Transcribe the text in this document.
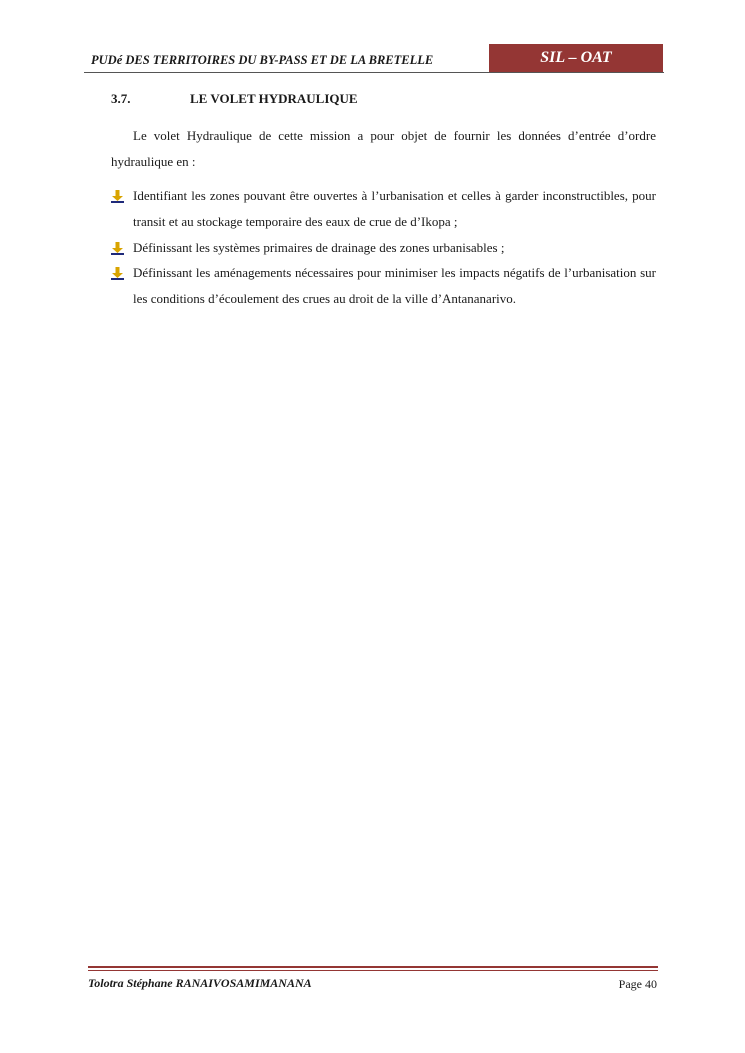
PUDé DES TERRITOIRES DU BY-PASS ET DE LA BRETELLE	SIL – OAT
3.7.	LE VOLET HYDRAULIQUE

Le volet Hydraulique de cette mission a pour objet de fournir les données d’entrée d’ordre hydraulique en :

Identifiant les zones pouvant être ouvertes à l’urbanisation et celles à garder inconstructibles, pour transit et au stockage temporaire des eaux de crue de d’Ikopa ;
Définissant les systèmes primaires de drainage des zones urbanisables ;
Définissant les aménagements nécessaires pour minimiser les impacts négatifs de l’urbanisation sur les conditions d’écoulement des crues au droit de la ville d’Antananarivo.
Tolotra Stéphane RANAIVOSAMIMANANA	Page 40
